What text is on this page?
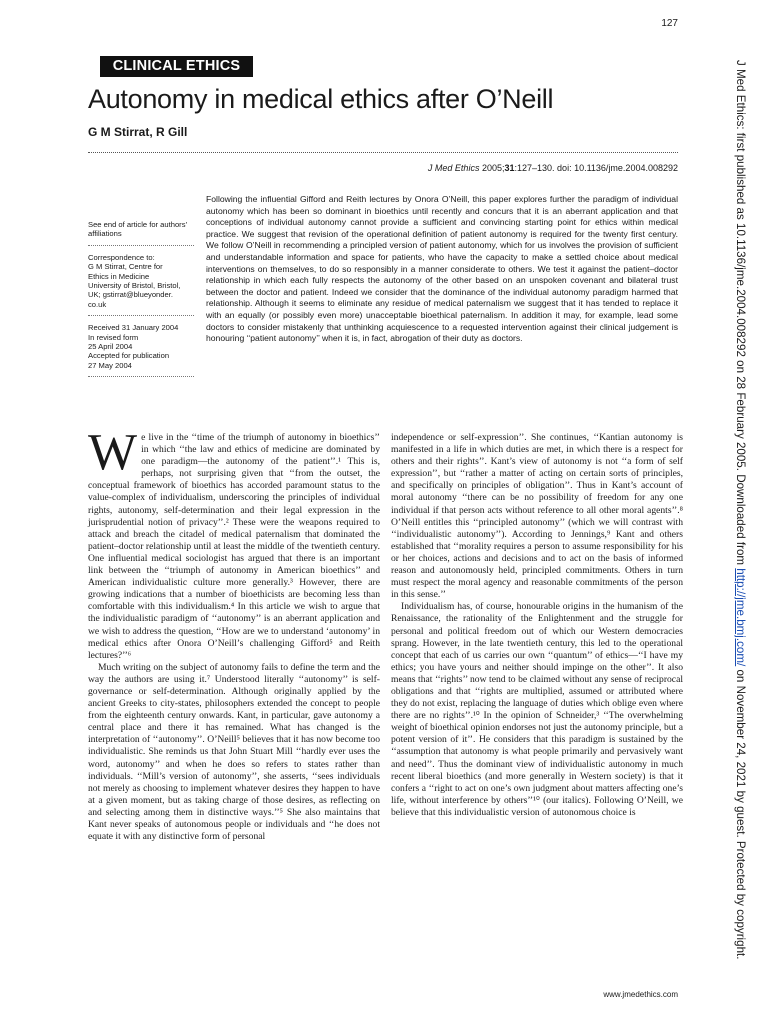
127
CLINICAL ETHICS
Autonomy in medical ethics after O’Neill
G M Stirrat, R Gill
J Med Ethics 2005;31:127–130. doi: 10.1136/jme.2004.008292
See end of article for authors’ affiliations
Correspondence to:
G M Stirrat, Centre for
Ethics in Medicine
University of Bristol, Bristol,
UK; gstirrat@blueyonder.
co.uk
Received 31 January 2004
In revised form
25 April 2004
Accepted for publication
27 May 2004

Following the influential Gifford and Reith lectures by Onora O’Neill, this paper explores further the paradigm of individual autonomy which has been so dominant in bioethics until recently and concurs that it is an aberrant application and that conceptions of individual autonomy cannot provide a sufficient and convincing starting point for ethics within medical practice. We suggest that revision of the operational definition of patient autonomy is required for the twenty first century. We follow O’Neill in recommending a principled version of patient autonomy, which for us involves the provision of sufficient and understandable information and space for patients, who have the capacity to make a settled choice about medical interventions on themselves, to do so responsibly in a manner considerate to others. We test it against the patient–doctor relationship in which each fully respects the autonomy of the other based on an unspoken covenant and bilateral trust between the doctor and patient. Indeed we consider that the dominance of the individual autonomy paradigm harmed that relationship. Although it seems to eliminate any residue of medical paternalism we suggest that it has tended to replace it with an equally (or possibly even more) unacceptable bioethical paternalism. In addition it may, for example, lead some doctors to consider mistakenly that unthinking acquiescence to a requested intervention against their clinical judgement is honouring ‘‘patient autonomy’’ when it is, in fact, abrogation of their duty as doctors.

We live in the ‘‘time of the triumph of autonomy in bioethics’’ in which ‘‘the law and ethics of medicine are dominated by one paradigm—the autonomy of the patient’’.¹ This is, perhaps, not surprising given that ‘‘from the outset, the conceptual framework of bioethics has accorded paramount status to the value-complex of individualism, underscoring the principles of individual rights, autonomy, self-determination and their legal expression in the jurisprudential notion of privacy’’.² These were the weapons required to attack and breach the citadel of medical paternalism that dominated the patient–doctor relationship until at least the middle of the twentieth century. One influential medical sociologist has argued that there is an important link between the ‘‘triumph of autonomy in American bioethics’’ and American individualistic culture more generally.³ However, there are growing indications that a number of bioethicists are becoming less than comfortable with this individualism.⁴ In this article we wish to argue that the individualistic paradigm of ‘‘autonomy’’ is an aberrant application and we wish to address the question, ‘‘How are we to understand ‘autonomy’ in medical ethics after Onora O’Neill’s challenging Gifford⁵ and Reith lectures?’’⁶

Much writing on the subject of autonomy fails to define the term and the way the authors are using it.⁷ Understood literally ‘‘autonomy’’ is self-governance or self-determination. Although originally applied by the ancient Greeks to city-states, philosophers extended the concept to people from the eighteenth century onwards. Kant, in particular, gave autonomy a central place and there it has remained. What has changed is the interpretation of ‘‘autonomy’’. O’Neill⁵ believes that it has now become too individualistic. She reminds us that John Stuart Mill ‘‘hardly ever uses the word, autonomy’’ and when he does so refers to states rather than individuals. ‘‘Mill’s version of autonomy’’, she asserts, ‘‘sees individuals not merely as choosing to implement whatever desires they happen to have at a given moment, but as taking charge of those desires, as reflecting on and selecting among them in distinctive ways.’’⁵ She also maintains that Kant never speaks of autonomous people or individuals and ‘‘he does not equate it with any distinctive form of personal

independence or self-expression’’. She continues, ‘‘Kantian autonomy is manifested in a life in which duties are met, in which there is a respect for others and their rights’’. Kant’s view of autonomy is not ‘‘a form of self expression’’, but ‘‘rather a matter of acting on certain sorts of principles, and specifically on principles of obligation’’. Thus in Kant’s account of moral autonomy ‘‘there can be no possibility of freedom for any one individual if that person acts without reference to all other moral agents’’.⁸ O’Neill entitles this ‘‘principled autonomy’’ (which we will contrast with ‘‘individualistic autonomy’’). According to Jennings,⁹ Kant and others established that ‘‘morality requires a person to assume responsibility for his or her choices, actions and decisions and to act on the basis of informed reason and autonomously held, principled commitments. Others in turn must respect the moral agency and reasonable commitments of the person in this sense.’’

Individualism has, of course, honourable origins in the humanism of the Renaissance, the rationality of the Enlightenment and the struggle for personal and political freedom out of which our Western democracies sprang. However, in the late twentieth century, this led to the operational concept that each of us carries our own ‘‘quantum’’ of ethics—‘‘I have my ethics; you have yours and neither should impinge on the other’’. It also means that ‘‘rights’’ now tend to be claimed without any sense of reciprocal obligations and that ‘‘rights are multiplied, assumed or attributed where they do not exist, replacing the language of duties which oblige even where there are no rights’’.¹⁰ In the opinion of Schneider,³ ‘‘The overwhelming weight of bioethical opinion endorses not just the autonomy principle, but a potent version of it’’. He considers that this paradigm is sustained by the ‘‘assumption that autonomy is what people primarily and pervasively want and need’’. Thus the dominant view of individualistic autonomy in much recent liberal bioethics (and more generally in Western society) is that it confers a ‘‘right to act on one’s own judgment about matters affecting one’s life, without interference by others’’¹⁰ (our italics). Following O’Neill, we believe that this individualistic version of autonomous choice is

www.jmedethics.com
J Med Ethics: first published as 10.1136/jme.2004.008292 on 28 February 2005. Downloaded from http://jme.bmj.com/ on November 24, 2021 by guest. Protected by copyright.
